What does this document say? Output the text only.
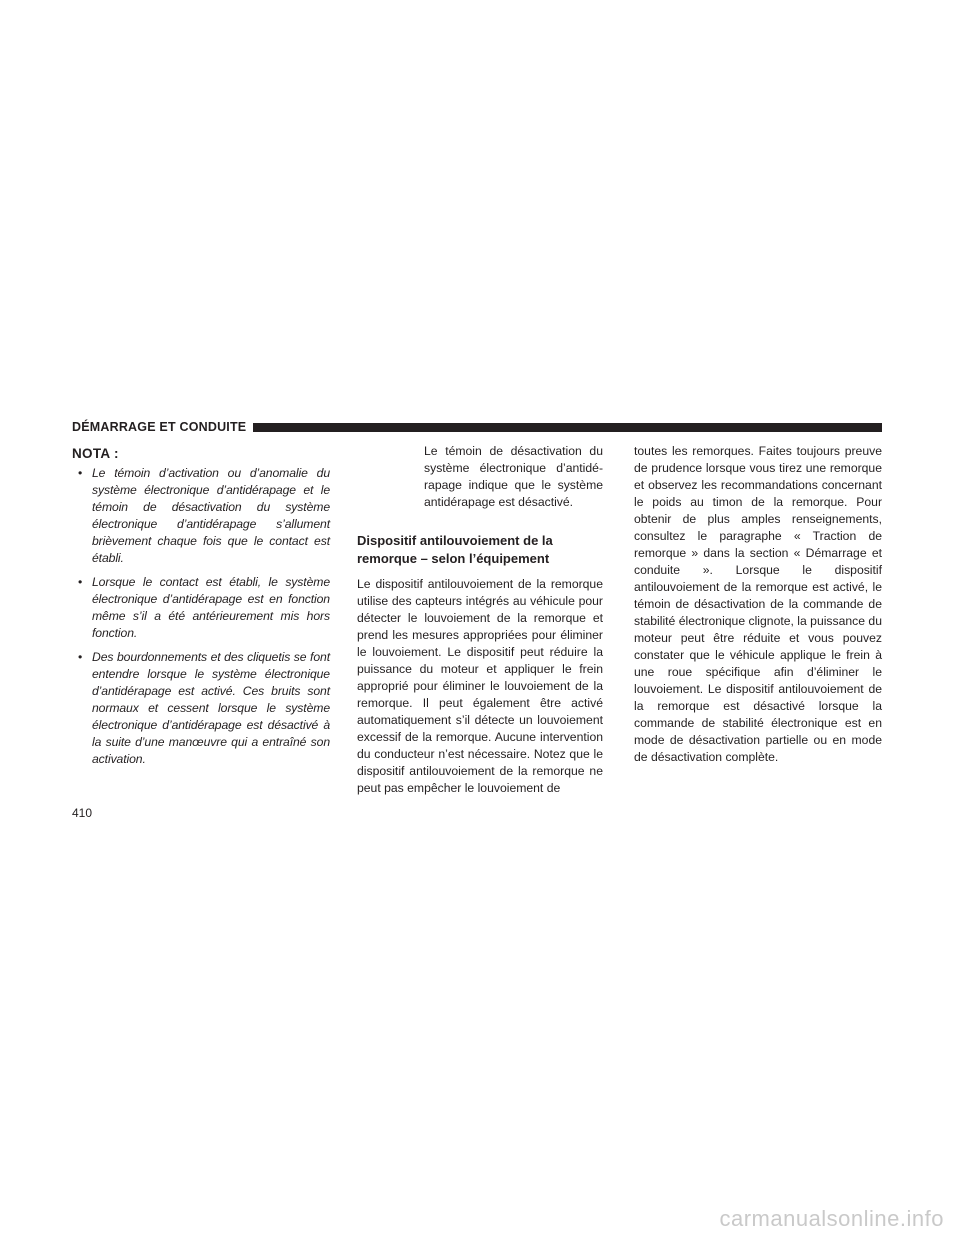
DÉMARRAGE ET CONDUITE
NOTA :
• Le témoin d’activation ou d’anomalie du système électronique d’antidérapage et le témoin de désactivation du système électronique d’antidérapage s’allument brièvement chaque fois que le contact est établi.
• Lorsque le contact est établi, le système électronique d’antidérapage est en fonction même s’il a été antérieurement mis hors fonction.
• Des bourdonnements et des cliquetis se font entendre lorsque le système électronique d’antidérapage est activé. Ces bruits sont normaux et cessent lorsque le système électronique d’antidérapage est désactivé à la suite d’une manœuvre qui a entraîné son activation.

Le témoin de désactivation du système électronique d’antidérapage indique que le système antidérapage est désactivé.

Dispositif antilouvoiement de la remorque – selon l’équipement

Le dispositif antilouvoiement de la remorque utilise des capteurs intégrés au véhicule pour détecter le louvoiement de la remorque et prend les mesures appropriées pour éliminer le louvoiement. Le dispositif peut réduire la puissance du moteur et appliquer le frein approprié pour éliminer le louvoiement de la remorque. Il peut également être activé automatiquement s’il détecte un louvoiement excessif de la remorque. Aucune intervention du conducteur n’est nécessaire. Notez que le dispositif antilouvoiement de la remorque ne peut pas empêcher le louvoiement de

toutes les remorques. Faites toujours preuve de prudence lorsque vous tirez une remorque et observez les recommandations concernant le poids au timon de la remorque. Pour obtenir de plus amples renseignements, consultez le paragraphe « Traction de remorque » dans la section « Démarrage et conduite ». Lorsque le dispositif antilouvoiement de la remorque est activé, le témoin de désactivation de la commande de stabilité électronique clignote, la puissance du moteur peut être réduite et vous pouvez constater que le véhicule applique le frein à une roue spécifique afin d’éliminer le louvoiement. Le dispositif antilouvoiement de la remorque est désactivé lorsque la commande de stabilité électronique est en mode de désactivation partielle ou en mode de désactivation complète.

410
carmanualsonline.info
